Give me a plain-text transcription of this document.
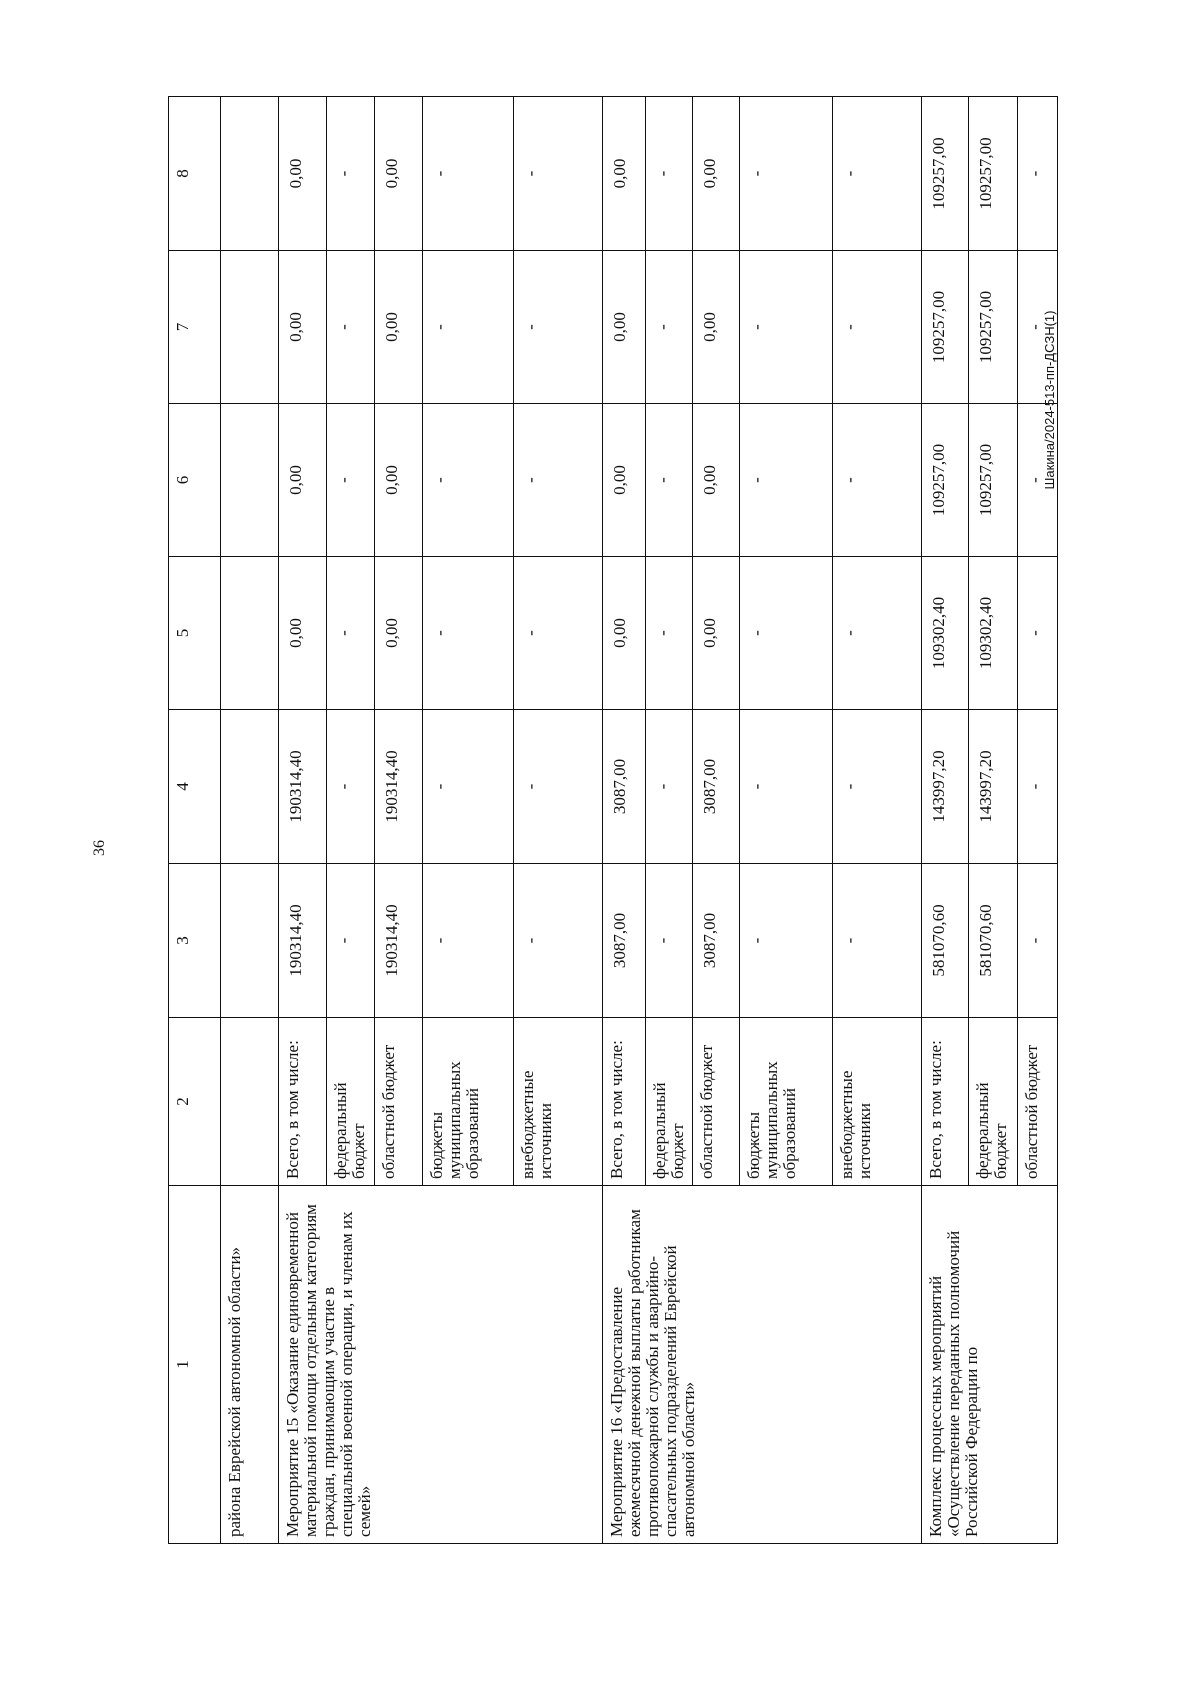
36
Шакина/2024-513-пп-ДСЗН(1)
1	2	3	4	5	6	7	8
района Еврейской автономной области»							
Мероприятие 15 «Оказание единовременной материальной помощи отдельным категориям граждан, принимающим участие в специальной военной операции, и членам их семей»	Всего, в том числе:	190314,40	190314,40	0,00	0,00	0,00	0,00
	федеральный бюджет	-	-	-	-	-	-
	областной бюджет	190314,40	190314,40	0,00	0,00	0,00	0,00
	бюджеты муниципальных образований	-	-	-	-	-	-
	внебюджетные источники	-	-	-	-	-	-
Мероприятие 16 «Предоставление ежемесячной денежной выплаты работникам противопожарной службы и аварийно-спасательных подразделений Еврейской автономной области»	Всего, в том числе:	3087,00	3087,00	0,00	0,00	0,00	0,00
	федеральный бюджет	-	-	-	-	-	-
	областной бюджет	3087,00	3087,00	0,00	0,00	0,00	0,00
	бюджеты муниципальных образований	-	-	-	-	-	-
	внебюджетные источники	-	-	-	-	-	-
Комплекс процессных мероприятий «Осуществление переданных полномочий Российской Федерации по	Всего, в том числе:	581070,60	143997,20	109302,40	109257,00	109257,00	109257,00
	федеральный бюджет	581070,60	143997,20	109302,40	109257,00	109257,00	109257,00
	областной бюджет	-	-	-	-	-	-
